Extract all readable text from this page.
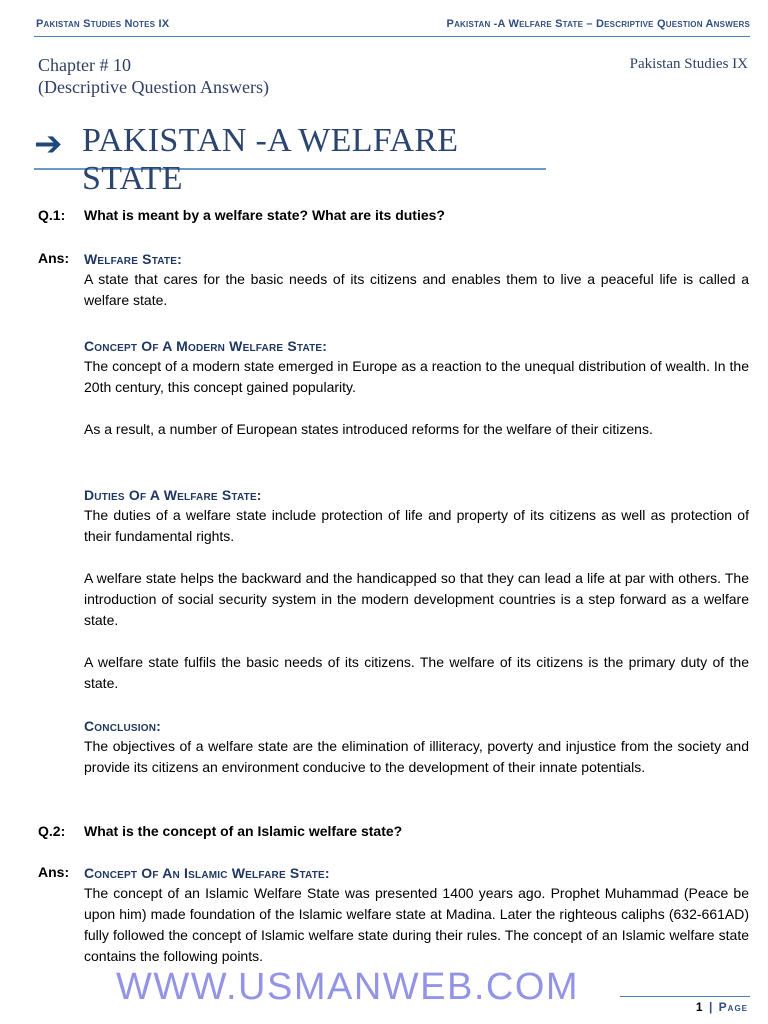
Pakistan Studies Notes IX	Pakistan -A Welfare State – Descriptive Question Answers
Chapter # 10
(Descriptive Question Answers)
Pakistan Studies IX
➔ PAKISTAN -A WELFARE STATE
Q.1:	What is meant by a welfare state? What are its duties?
Ans: Welfare State:

A state that cares for the basic needs of its citizens and enables them to live a peaceful life is called a welfare state.

Concept Of A Modern Welfare State:

The concept of a modern state emerged in Europe as a reaction to the unequal distribution of wealth. In the 20th century, this concept gained popularity.

As a result, a number of European states introduced reforms for the welfare of their citizens.

Duties Of A Welfare State:

The duties of a welfare state include protection of life and property of its citizens as well as protection of their fundamental rights.

A welfare state helps the backward and the handicapped so that they can lead a life at par with others. The introduction of social security system in the modern development countries is a step forward as a welfare state.

A welfare state fulfils the basic needs of its citizens. The welfare of its citizens is the primary duty of the state.

Conclusion:

The objectives of a welfare state are the elimination of illiteracy, poverty and injustice from the society and provide its citizens an environment conducive to the development of their innate potentials.

Q.2:	What is the concept of an Islamic welfare state?
Ans: Concept Of An Islamic Welfare State:

The concept of an Islamic Welfare State was presented 1400 years ago. Prophet Muhammad (Peace be upon him) made foundation of the Islamic welfare state at Madina. Later the righteous caliphs (632-661AD) fully followed the concept of Islamic welfare state during their rules. The concept of an Islamic welfare state contains the following points.

WWW.USMANWEB.COM	1 | Page
